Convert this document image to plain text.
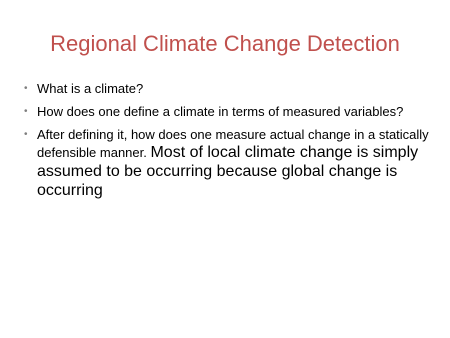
Regional Climate Change Detection
• What is a climate?
• How does one define a climate in terms of measured variables?
• After defining it, how does one measure actual change in a statically defensible manner. Most of local climate change is simply assumed to be occurring because global change is occurring
